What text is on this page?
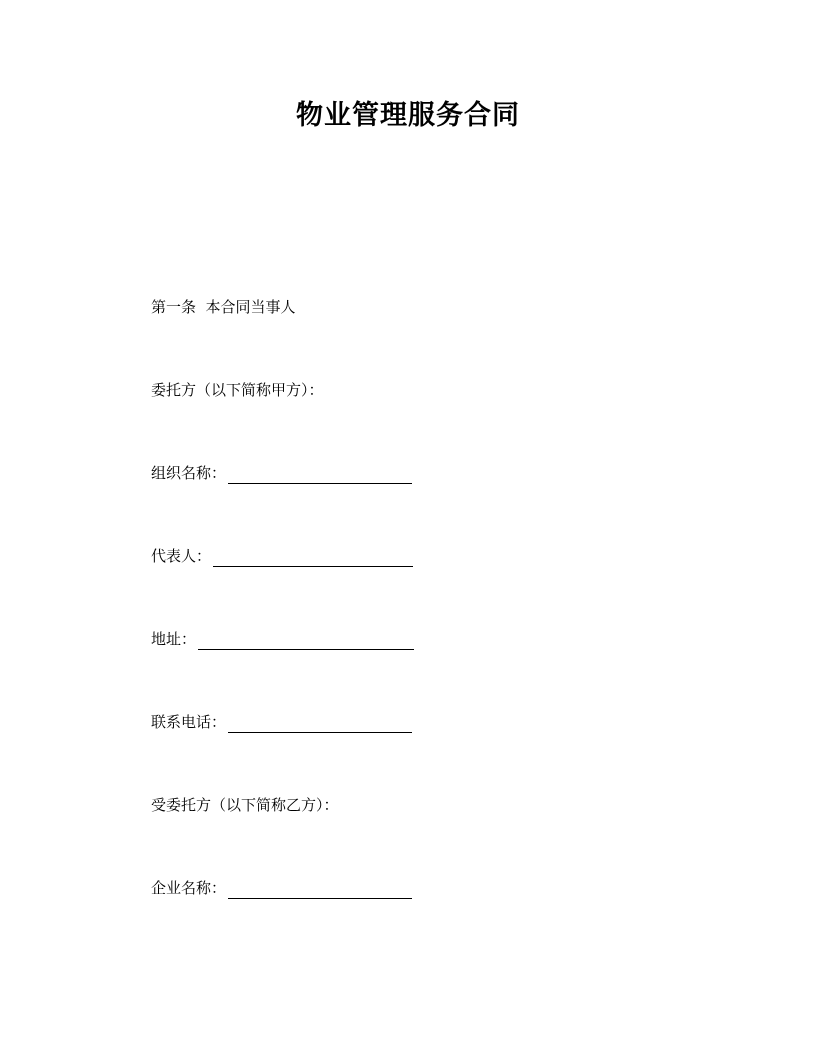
物业管理服务合同
第一条  本合同当事人
委托方（以下简称甲方）：
组织名称：
代表人：
地址：
联系电话：
受委托方（以下简称乙方）：
企业名称：
